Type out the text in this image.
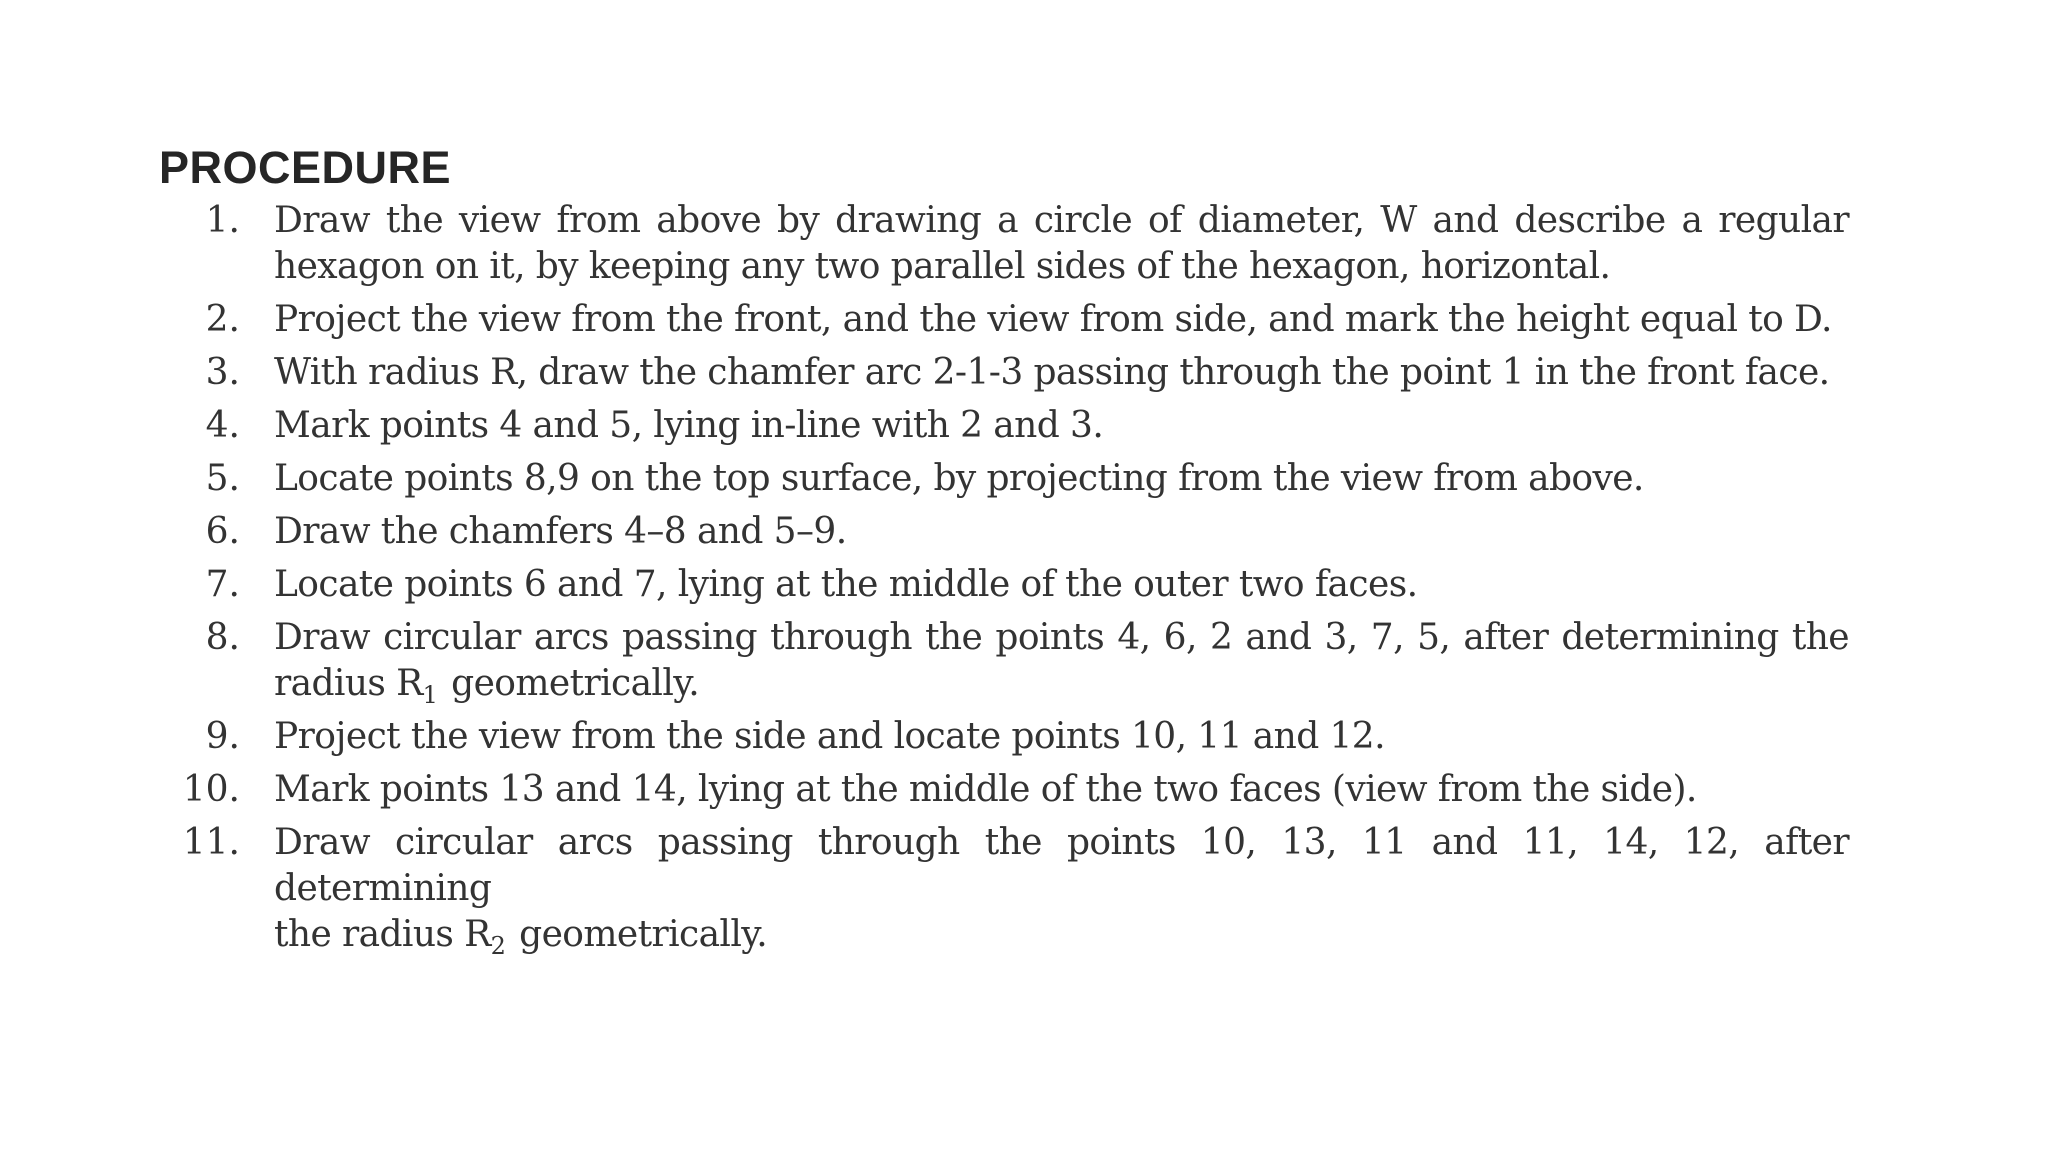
PROCEDURE
1. Draw the view from above by drawing a circle of diameter, W and describe a regular
hexagon on it, by keeping any two parallel sides of the hexagon, horizontal.
2. Project the view from the front, and the view from side, and mark the height equal to D.
3. With radius R, draw the chamfer arc 2-1-3 passing through the point 1 in the front face.
4. Mark points 4 and 5, lying in-line with 2 and 3.
5. Locate points 8,9 on the top surface, by projecting from the view from above.
6. Draw the chamfers 4–8 and 5–9.
7. Locate points 6 and 7, lying at the middle of the outer two faces.
8. Draw circular arcs passing through the points 4, 6, 2 and 3, 7, 5, after determining the
radius $R_1$ geometrically.
9. Project the view from the side and locate points 10, 11 and 12.
10. Mark points 13 and 14, lying at the middle of the two faces (view from the side).
11. Draw circular arcs passing through the points 10, 13, 11 and 11, 14, 12, after determining
the radius $R_2$ geometrically.
